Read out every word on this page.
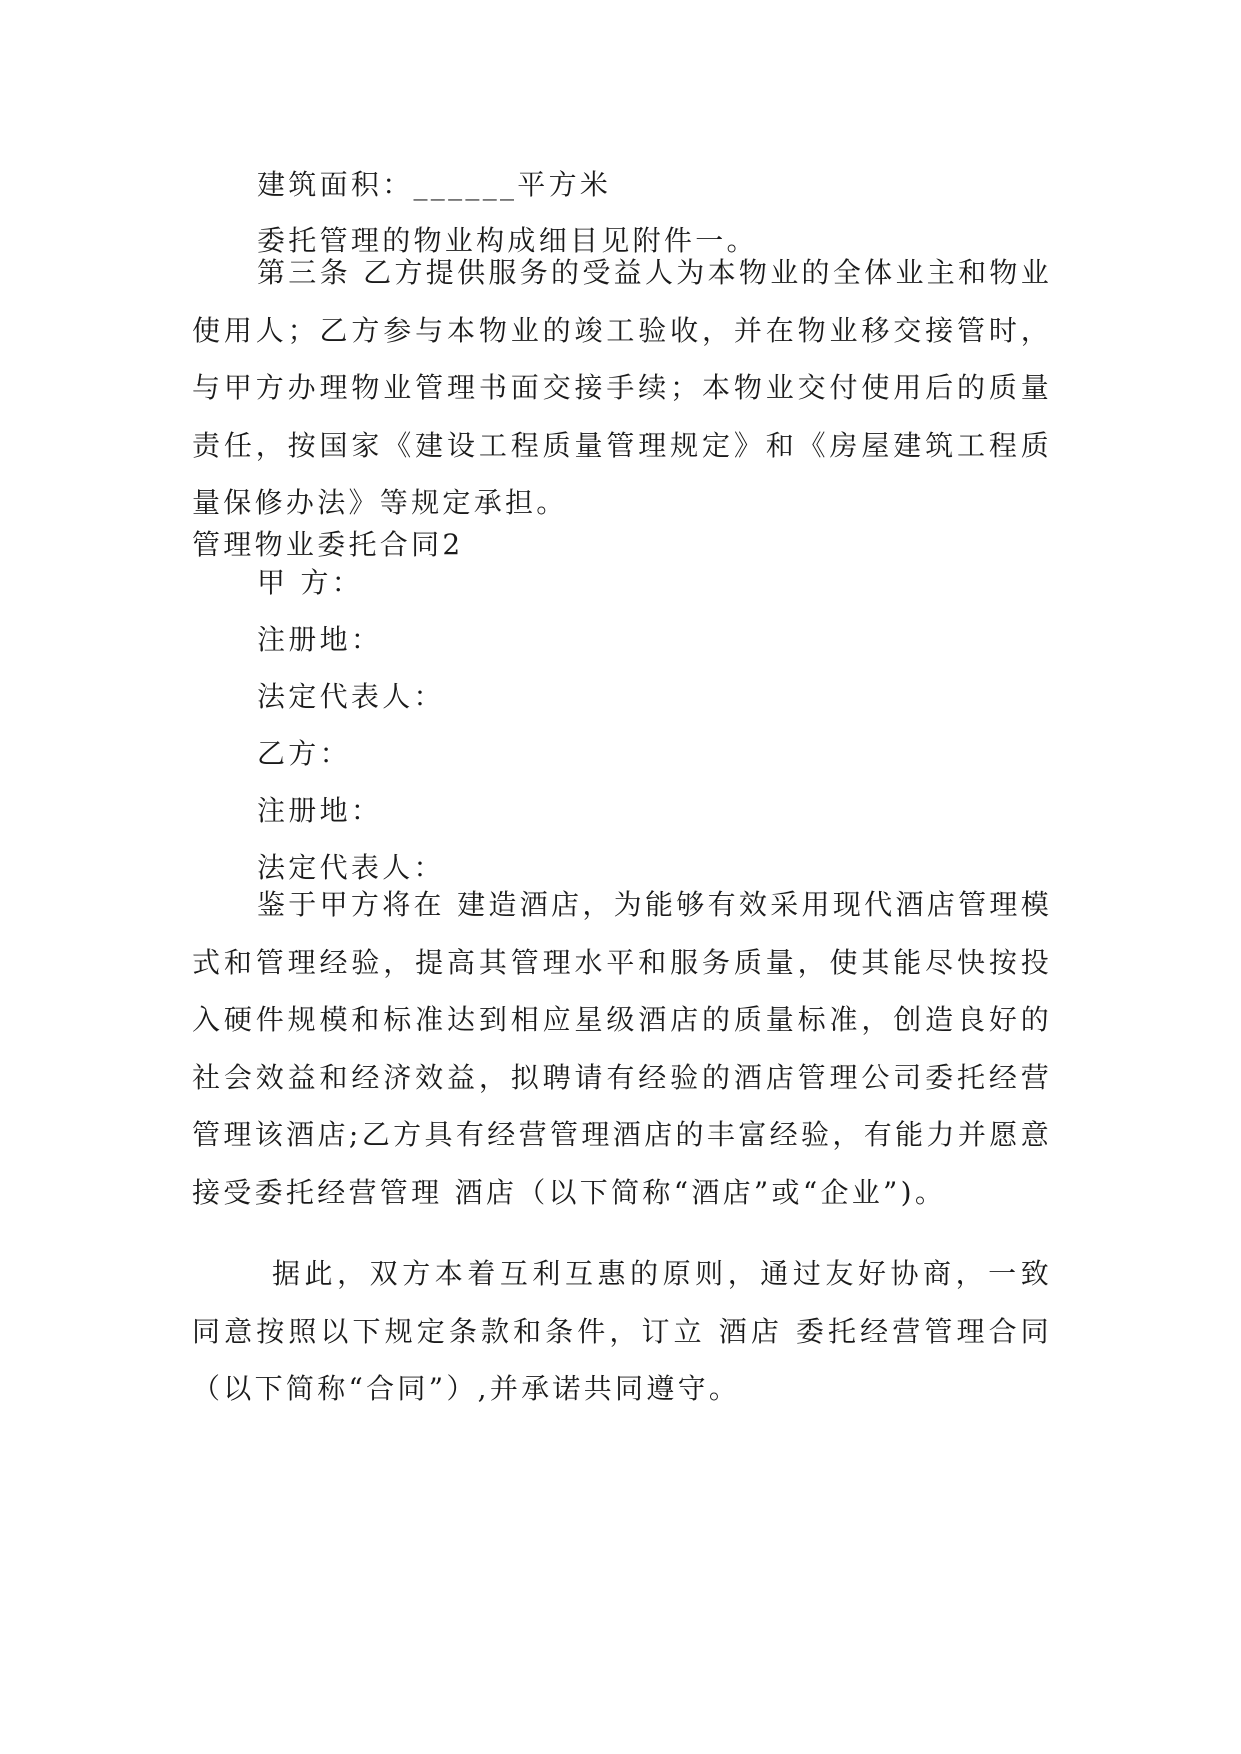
建筑面积：______平方米

委托管理的物业构成细目见附件一。

第三条 乙方提供服务的受益人为本物业的全体业主和物业使用人；乙方参与本物业的竣工验收，并在物业移交接管时，与甲方办理物业管理书面交接手续；本物业交付使用后的质量责任，按国家《建设工程质量管理规定》和《房屋建筑工程质量保修办法》等规定承担。

管理物业委托合同2

甲 方：

注册地：

法定代表人：

乙方：

注册地：

法定代表人：

鉴于甲方将在 建造酒店，为能够有效采用现代酒店管理模式和管理经验，提高其管理水平和服务质量，使其能尽快按投入硬件规模和标准达到相应星级酒店的质量标准，创造良好的社会效益和经济效益，拟聘请有经验的酒店管理公司委托经营管理该酒店;乙方具有经营管理酒店的丰富经验，有能力并愿意接受委托经营管理 酒店（以下简称“酒店”或“企业”)。

据此，双方本着互利互惠的原则，通过友好协商，一致同意按照以下规定条款和条件，订立 酒店 委托经营管理合同（以下简称“合同”）,并承诺共同遵守。
